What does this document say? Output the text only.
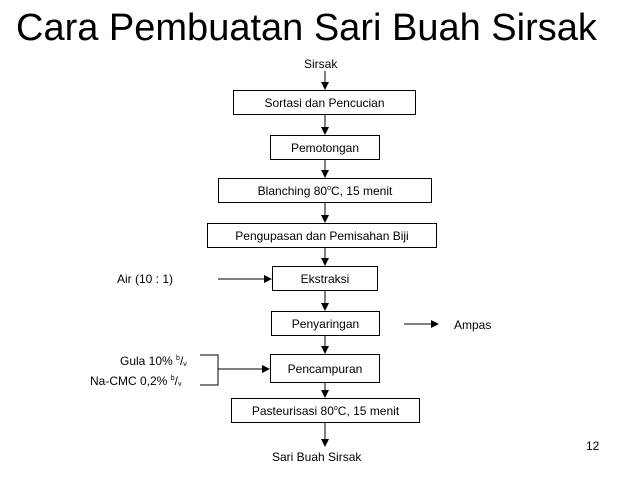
Cara Pembuatan Sari Buah Sirsak
Sirsak
Sortasi dan Pencucian
Pemotongan
Blanching 80$^o$C, 15 menit
Pengupasan dan Pemisahan Biji
Ekstraksi
Penyaringan
Pencampuran
Pasteurisasi 80$^o$C, 15 menit
Sari Buah Sirsak
Air (10 : 1)
Gula 10% $^b/_v$
Na-CMC 0,2% $^b/_v$
Ampas
12
